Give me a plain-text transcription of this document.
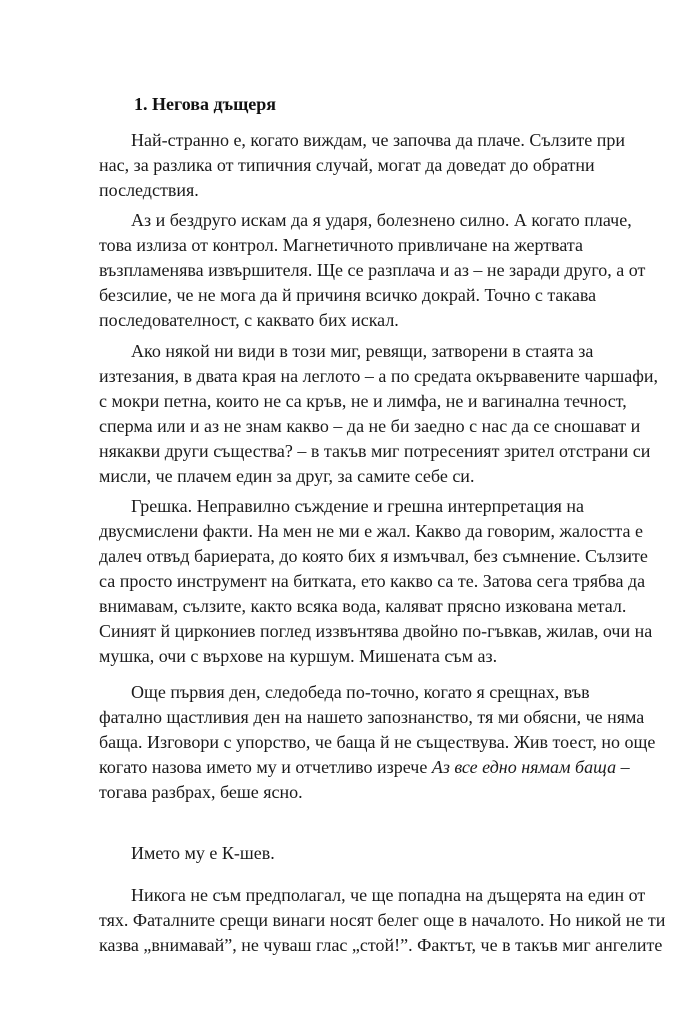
1. Негова дъщеря
Най-странно е, когато виждам, че започва да плаче. Сълзите при
нас, за разлика от типичния случай, могат да доведат до обратни
последствия.
Аз и бездруго искам да я ударя, болезнено силно. А когато плаче,
това излиза от контрол. Магнетичното привличане на жертвата
възпламенява извършителя. Ще се разплача и аз – не заради друго, а от
безсилие, че не мога да й причиня всичко докрай. Точно с такава
последователност, с каквато бих искал.
Ако някой ни види в този миг, ревящи, затворени в стаята за
изтезания, в двата края на леглото – а по средата окървавените чаршафи,
с мокри петна, които не са кръв, не и лимфа, не и вагинална течност,
сперма или и аз не знам какво – да не би заедно с нас да се сношават и
някакви други същества? – в такъв миг потресеният зрител отстрани си
мисли, че плачем един за друг, за самите себе си.
Грешка. Неправилно съждение и грешна интерпретация на
двусмислени факти. На мен не ми е жал. Какво да говорим, жалостта е
далеч отвъд бариерата, до която бих я измъчвал, без съмнение. Сълзите
са просто инструмент на битката, ето какво са те. Затова сега трябва да
внимавам, сълзите, както всяка вода, каляват прясно изкована метал.
Синият й циркониев поглед иззвънтява двойно по-гъвкав, жилав, очи на
мушка, очи с върхове на куршум. Мишената съм аз.
Още първия ден, следобеда по-точно, когато я срещнах, във
фатално щастливия ден на нашето запознанство, тя ми обясни, че няма
баща. Изговори с упорство, че баща й не съществува. Жив тоест, но още
когато назова името му и отчетливо изрече Аз все едно нямам баща –
тогава разбрах, беше ясно.
Името му е К-шев.
Никога не съм предполагал, че ще попадна на дъщерята на един от
тях. Фаталните срещи винаги носят белег още в началото. Но никой не ти
казва „внимавай”, не чуваш глас „стой!”. Фактът, че в такъв миг ангелите
